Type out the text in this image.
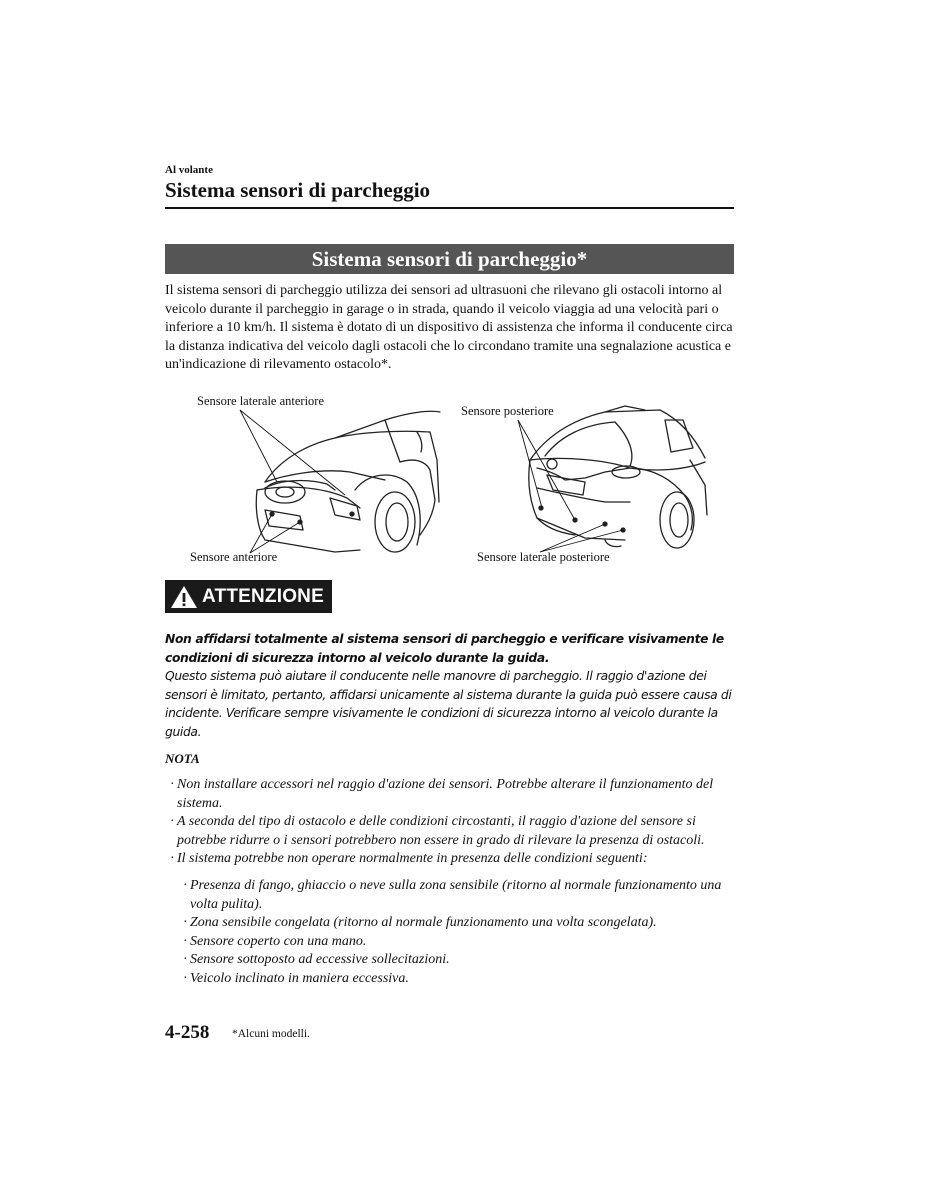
Al volante
Sistema sensori di parcheggio
Sistema sensori di parcheggio*

Il sistema sensori di parcheggio utilizza dei sensori ad ultrasuoni che rilevano gli ostacoli intorno al veicolo durante il parcheggio in garage o in strada, quando il veicolo viaggia ad una velocità pari o inferiore a 10 km/h. Il sistema è dotato di un dispositivo di assistenza che informa il conducente circa la distanza indicativa del veicolo dagli ostacoli che lo circondano tramite una segnalazione acustica e un'indicazione di rilevamento ostacolo*.

Sensore laterale anteriore
Sensore anteriore
Sensore posteriore
Sensore laterale posteriore
ATTENZIONE

Non affidarsi totalmente al sistema sensori di parcheggio e verificare visivamente le condizioni di sicurezza intorno al veicolo durante la guida.

Questo sistema può aiutare il conducente nelle manovre di parcheggio. Il raggio d'azione dei sensori è limitato, pertanto, affidarsi unicamente al sistema durante la guida può essere causa di incidente. Verificare sempre visivamente le condizioni di sicurezza intorno al veicolo durante la guida.

NOTA

· Non installare accessori nel raggio d'azione dei sensori. Potrebbe alterare il funzionamento del sistema.

· A seconda del tipo di ostacolo e delle condizioni circostanti, il raggio d'azione del sensore si potrebbe ridurre o i sensori potrebbero non essere in grado di rilevare la presenza di ostacoli.

· Il sistema potrebbe non operare normalmente in presenza delle condizioni seguenti:

· Presenza di fango, ghiaccio o neve sulla zona sensibile (ritorno al normale funzionamento una volta pulita).

· Zona sensibile congelata (ritorno al normale funzionamento una volta scongelata).

· Sensore coperto con una mano.

· Sensore sottoposto ad eccessive sollecitazioni.

· Veicolo inclinato in maniera eccessiva.

4-258 *Alcuni modelli.
